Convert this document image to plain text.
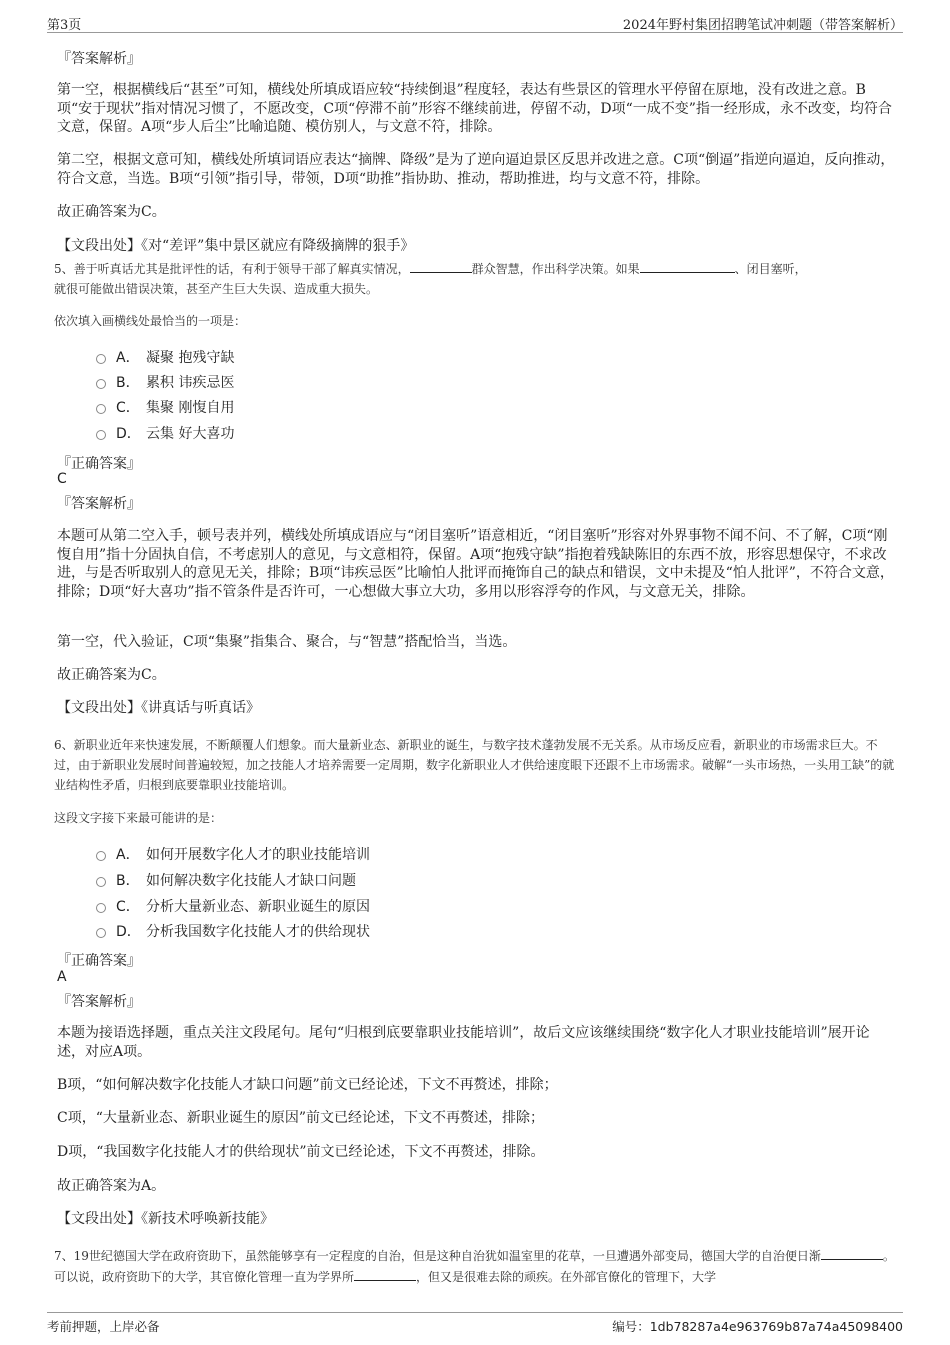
第3页	2024年野村集团招聘笔试冲刺题（带答案解析）
『答案解析』
第一空，根据横线后“甚至”可知，横线处所填成语应较“持续倒退”程度轻，表达有些景区的管理水平停留在原地，没有改进之意。B项“安于现状”指对情况习惯了，不愿改变，C项“停滞不前”形容不继续前进，停留不动，D项“一成不变”指一经形成，永不改变，均符合文意，保留。A项“步人后尘”比喻追随、模仿别人，与文意不符，排除。
第二空，根据文意可知，横线处所填词语应表达“摘牌、降级”是为了逆向逼迫景区反思并改进之意。C项“倒逼”指逆向逼迫，反向推动，符合文意，当选。B项“引领”指引导，带领，D项“助推”指协助、推动，帮助推进，均与文意不符，排除。
故正确答案为C。
【文段出处】《对“差评”集中景区就应有降级摘牌的狠手》
5、善于听真话尤其是批评性的话，有利于领导干部了解真实情况，	群众智慧，作出科学决策。如果	、闭目塞听，
就很可能做出错误决策，甚至产生巨大失误、造成重大损失。
依次填入画横线处最恰当的一项是：
A． 凝聚 抱残守缺
B． 累积 讳疾忌医
C． 集聚 刚愎自用
D． 云集 好大喜功
『正确答案』
C
『答案解析』
本题可从第二空入手，顿号表并列，横线处所填成语应与“闭目塞听”语意相近，“闭目塞听”形容对外界事物不闻不问、不了解，C项“刚愎自用”指十分固执自信，不考虑别人的意见，与文意相符，保留。A项“抱残守缺”指抱着残缺陈旧的东西不放，形容思想保守，不求改进，与是否听取别人的意见无关，排除；B项“讳疾忌医”比喻怕人批评而掩饰自己的缺点和错误，文中未提及“怕人批评”，不符合文意，排除；D项“好大喜功”指不管条件是否许可，一心想做大事立大功，多用以形容浮夸的作风，与文意无关，排除。
第一空，代入验证，C项“集聚”指集合、聚合，与“智慧”搭配恰当，当选。
故正确答案为C。
【文段出处】《讲真话与听真话》
6、新职业近年来快速发展，不断颠覆人们想象。而大量新业态、新职业的诞生，与数字技术蓬勃发展不无关系。从市场反应看，新职业的市场需求巨大。不过，由于新职业发展时间普遍较短，加之技能人才培养需要一定周期，数字化新职业人才供给速度眼下还跟不上市场需求。破解“一头市场热，一头用工缺”的就业结构性矛盾，归根到底要靠职业技能培训。
这段文字接下来最可能讲的是：
A． 如何开展数字化人才的职业技能培训
B． 如何解决数字化技能人才缺口问题
C． 分析大量新业态、新职业诞生的原因
D． 分析我国数字化技能人才的供给现状
『正确答案』
A
『答案解析』
本题为接语选择题，重点关注文段尾句。尾句“归根到底要靠职业技能培训”，故后文应该继续围绕“数字化人才职业技能培训”展开论述，对应A项。
B项，“如何解决数字化技能人才缺口问题”前文已经论述，下文不再赘述，排除；
C项，“大量新业态、新职业诞生的原因”前文已经论述，下文不再赘述，排除；
D项，“我国数字化技能人才的供给现状”前文已经论述，下文不再赘述，排除。
故正确答案为A。
【文段出处】《新技术呼唤新技能》
7、19世纪德国大学在政府资助下，虽然能够享有一定程度的自治，但是这种自治犹如温室里的花草，一旦遭遇外部变局，德国大学的自治便日渐	。可以说，政府资助下的大学，其官僚化管理一直为学界所	，但又是很难去除的顽疾。在外部官僚化的管理下，大学
考前押题，上岸必备	编号：1db78287a4e963769b87a74a45098400
